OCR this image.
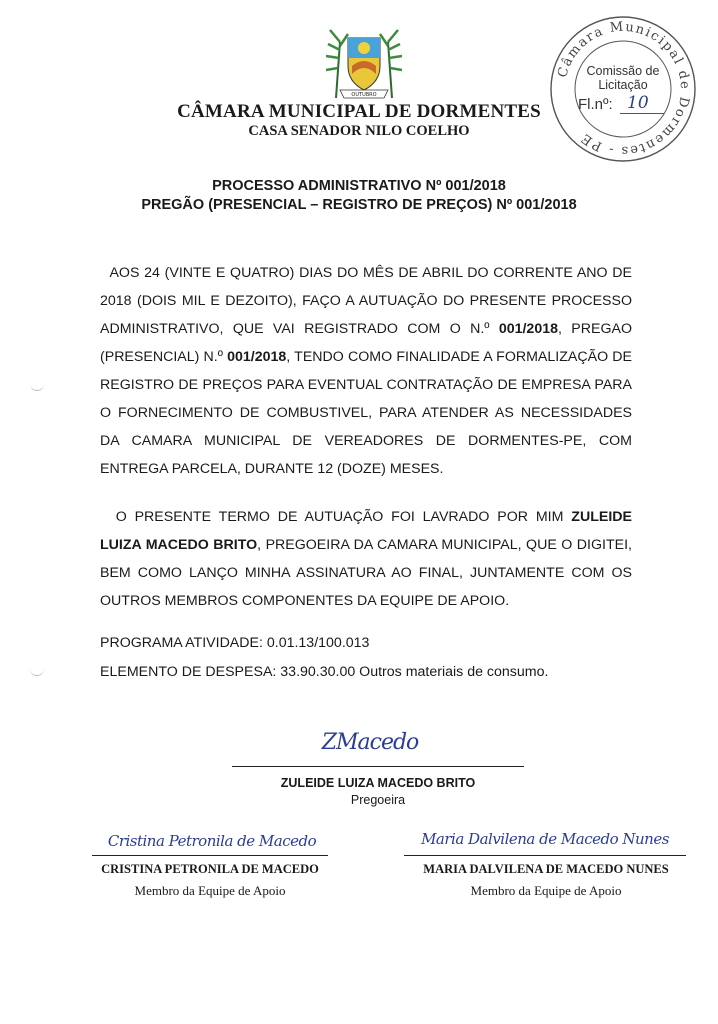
OUTUBRO
CÂMARA MUNICIPAL DE DORMENTES
CASA SENADOR NILO COELHO
Câmara Municipal de Dormentes - PE
Comissão de Licitação
Fl.nº: 10
PROCESSO ADMINISTRATIVO Nº 001/2018
PREGÃO (PRESENCIAL – REGISTRO DE PREÇOS) Nº 001/2018
AOS 24 (VINTE E QUATRO) DIAS DO MÊS DE ABRIL DO CORRENTE ANO DE 2018 (DOIS MIL E DEZOITO), FAÇO A AUTUAÇÃO DO PRESENTE PROCESSO ADMINISTRATIVO, QUE VAI REGISTRADO COM O N.º 001/2018, PREGAO (PRESENCIAL) N.º 001/2018, TENDO COMO FINALIDADE A FORMALIZAÇÃO DE REGISTRO DE PREÇOS PARA EVENTUAL CONTRATAÇÃO DE EMPRESA PARA O FORNECIMENTO DE COMBUSTIVEL, PARA ATENDER AS NECESSIDADES DA CAMARA MUNICIPAL DE VEREADORES DE DORMENTES-PE, COM ENTREGA PARCELA, DURANTE 12 (DOZE) MESES.
O PRESENTE TERMO DE AUTUAÇÃO FOI LAVRADO POR MIM ZULEIDE LUIZA MACEDO BRITO, PREGOEIRA DA CAMARA MUNICIPAL, QUE O DIGITEI, BEM COMO LANÇO MINHA ASSINATURA AO FINAL, JUNTAMENTE COM OS OUTROS MEMBROS COMPONENTES DA EQUIPE DE APOIO.
PROGRAMA ATIVIDADE: 0.01.13/100.013
ELEMENTO DE DESPESA: 33.90.30.00 Outros materiais de consumo.
ZMacedo
ZULEIDE LUIZA MACEDO BRITO
Pregoeira
Cristina Petronila de Macedo
CRISTINA PETRONILA DE MACEDO
Membro da Equipe de Apoio
Maria Dalvilena de Macedo Nunes
MARIA DALVILENA DE MACEDO NUNES
Membro da Equipe de Apoio
